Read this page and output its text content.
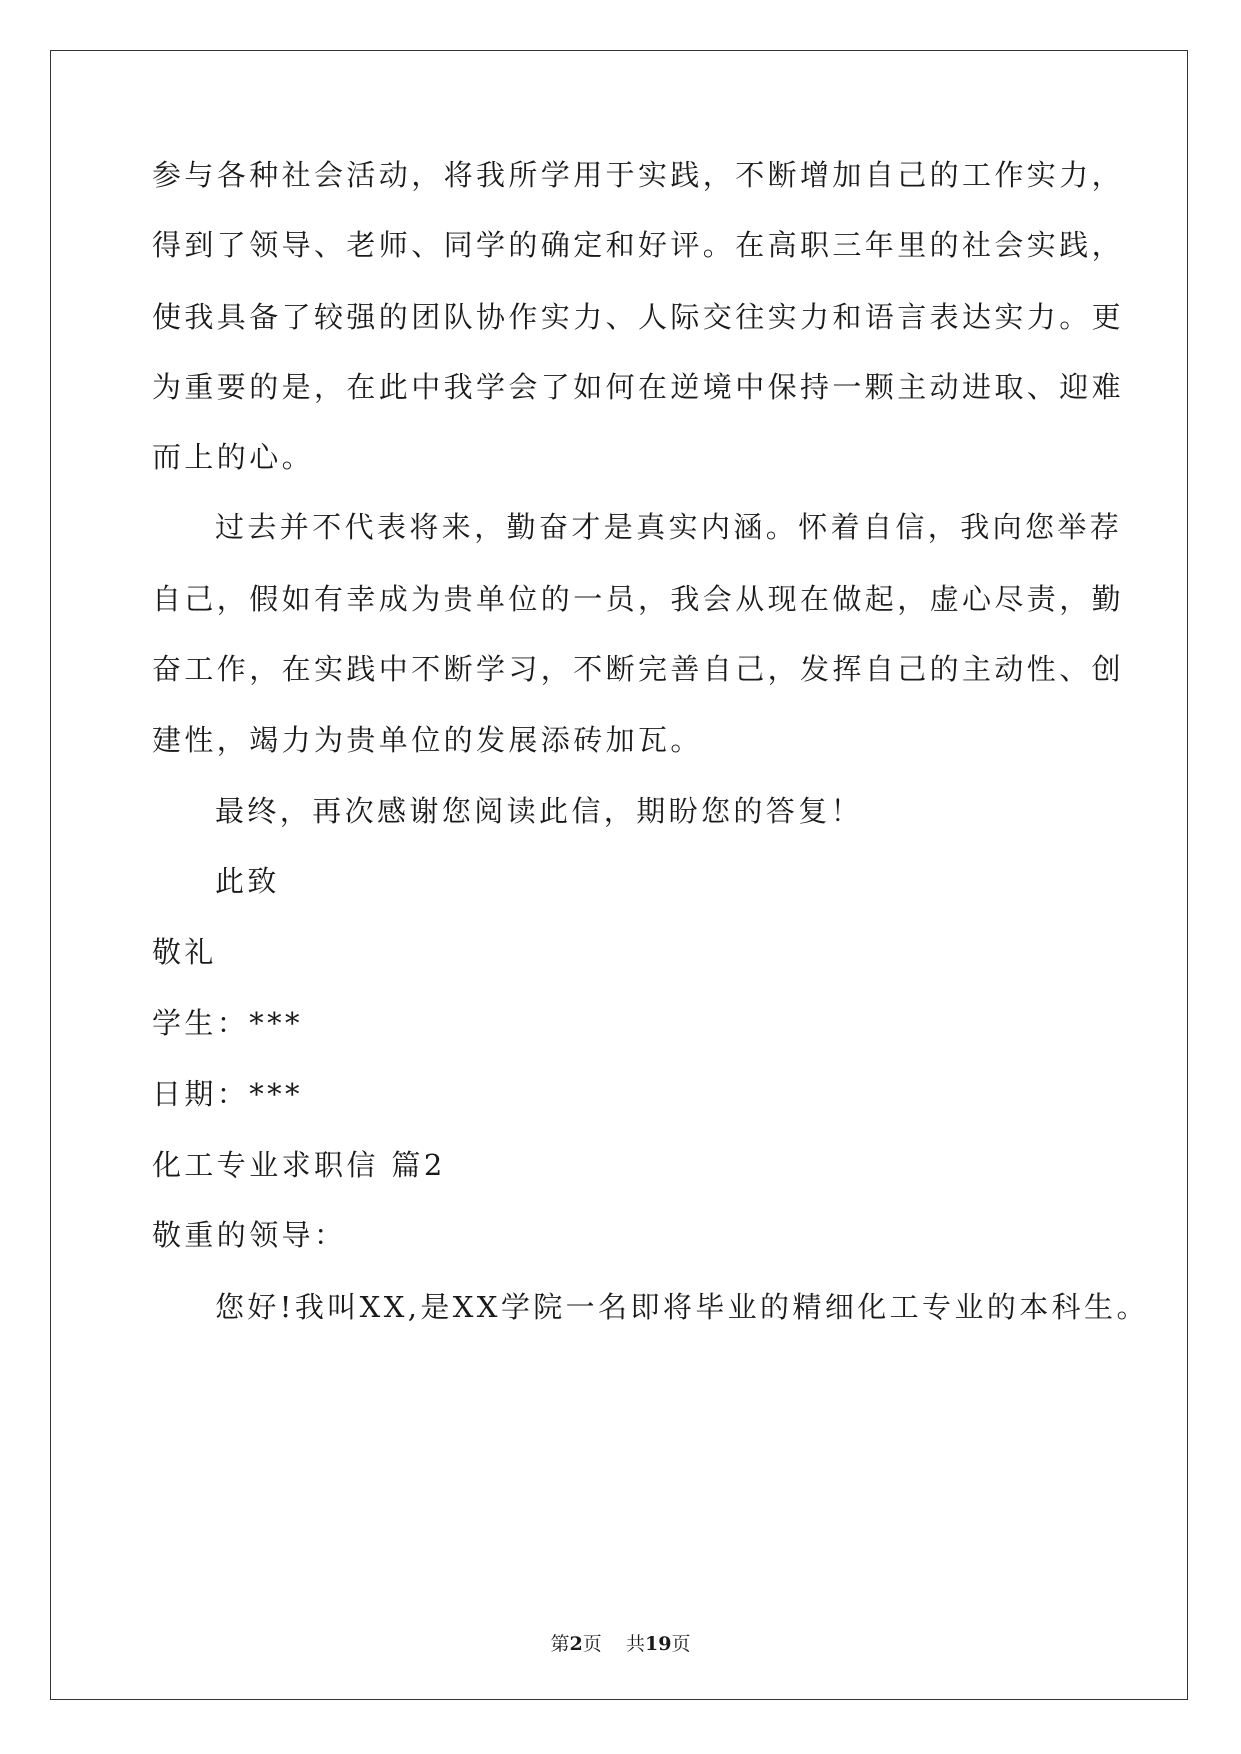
参与各种社会活动，将我所学用于实践，不断增加自己的工作实力，
得到了领导、老师、同学的确定和好评。在高职三年里的社会实践，
使我具备了较强的团队协作实力、人际交往实力和语言表达实力。更
为重要的是，在此中我学会了如何在逆境中保持一颗主动进取、迎难
而上的心。
过去并不代表将来，勤奋才是真实内涵。怀着自信，我向您举荐
自己，假如有幸成为贵单位的一员，我会从现在做起，虚心尽责，勤
奋工作，在实践中不断学习，不断完善自己，发挥自己的主动性、创
建性，竭力为贵单位的发展添砖加瓦。
最终，再次感谢您阅读此信，期盼您的答复！
此致
敬礼
学生：***
日期：***
化工专业求职信 篇2
敬重的领导：
您好!我叫XX,是XX学院一名即将毕业的精细化工专业的本科生。
第2页 共19页
